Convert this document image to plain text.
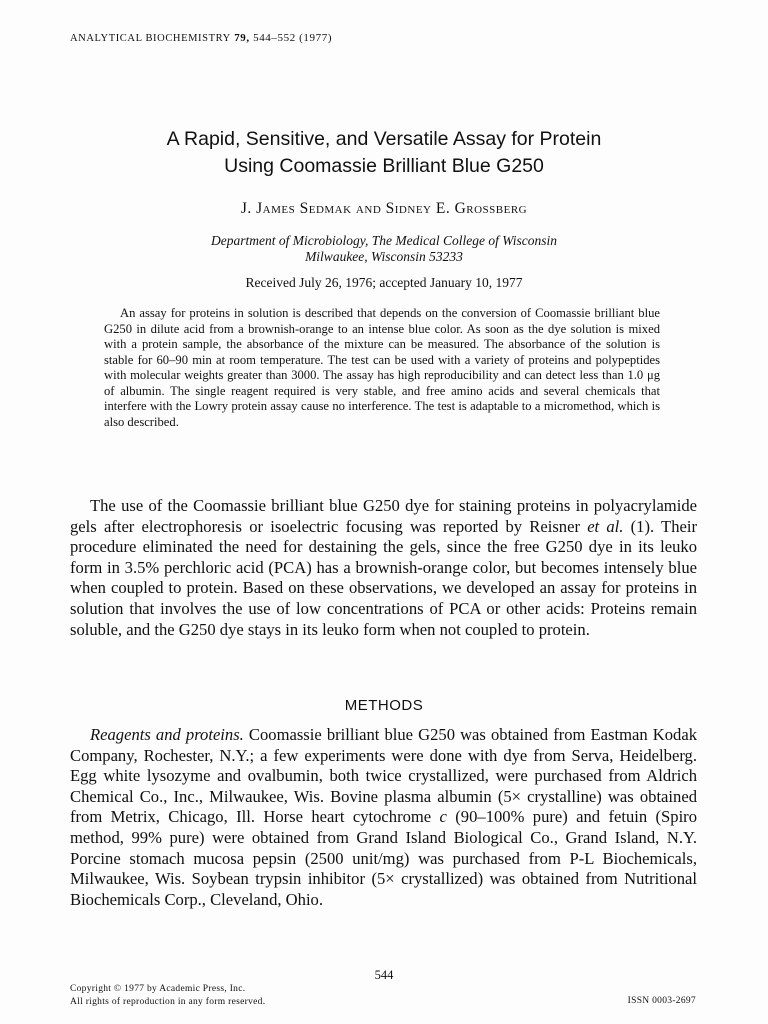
ANALYTICAL BIOCHEMISTRY 79, 544–552 (1977)
A Rapid, Sensitive, and Versatile Assay for Protein
Using Coomassie Brilliant Blue G250
J. James Sedmak and Sidney E. Grossberg
Department of Microbiology, The Medical College of Wisconsin
Milwaukee, Wisconsin 53233
Received July 26, 1976; accepted January 10, 1977

An assay for proteins in solution is described that depends on the conversion of Coomassie brilliant blue G250 in dilute acid from a brownish-orange to an intense blue color. As soon as the dye solution is mixed with a protein sample, the absorbance of the mixture can be measured. The absorbance of the solution is stable for 60–90 min at room temperature. The test can be used with a variety of proteins and polypeptides with molecular weights greater than 3000. The assay has high reproducibility and can detect less than 1.0 μg of albumin. The single reagent required is very stable, and free amino acids and several chemicals that interfere with the Lowry protein assay cause no interference. The test is adaptable to a micromethod, which is also described.

The use of the Coomassie brilliant blue G250 dye for staining proteins in polyacrylamide gels after electrophoresis or isoelectric focusing was reported by Reisner et al. (1). Their procedure eliminated the need for destaining the gels, since the free G250 dye in its leuko form in 3.5% perchloric acid (PCA) has a brownish-orange color, but becomes intensely blue when coupled to protein. Based on these observations, we developed an assay for proteins in solution that involves the use of low concentrations of PCA or other acids: Proteins remain soluble, and the G250 dye stays in its leuko form when not coupled to protein.

METHODS

Reagents and proteins. Coomassie brilliant blue G250 was obtained from Eastman Kodak Company, Rochester, N.Y.; a few experiments were done with dye from Serva, Heidelberg. Egg white lysozyme and ovalbumin, both twice crystallized, were purchased from Aldrich Chemical Co., Inc., Milwaukee, Wis. Bovine plasma albumin (5× crystalline) was obtained from Metrix, Chicago, Ill. Horse heart cytochrome c (90–100% pure) and fetuin (Spiro method, 99% pure) were obtained from Grand Island Biological Co., Grand Island, N.Y. Porcine stomach mucosa pepsin (2500 unit/mg) was purchased from P-L Biochemicals, Milwaukee, Wis. Soybean trypsin inhibitor (5× crystallized) was obtained from Nutritional Biochemicals Corp., Cleveland, Ohio.

544
Copyright © 1977 by Academic Press, Inc.
All rights of reproduction in any form reserved.	ISSN 0003-2697
